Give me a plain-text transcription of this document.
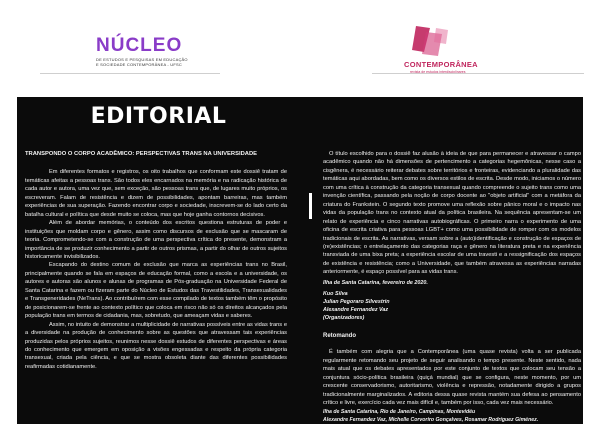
NÚCLEO
DE ESTUDOS E PESQUISAS EM EDUCAÇÃO
E SOCIEDADE CONTEMPORÂNEA - UFSC	CONTEMPORÂNEA
revista de estudos interdisciplinares
EDITORIAL
TRANSPONDO O CORPO ACADÊMICO: PERSPECTIVAS TRANS NA UNIVERSIDADE

Em diferentes formatos e registros, os oito trabalhos que conformam este dossiê tratam de temáticas afeitas a pessoas trans. São todos eles encarnados na memória e na radicação histórica de cada autor e autora, uma vez que, sem exceção, são pessoas trans que, de lugares muito próprios, os escreveram. Falam de resistência e dizem de possibilidades, apontam barreiras, mas também experiências de sua superação. Fazendo encontrar corpo e sociedade, inscrevem-se do lado certo da batalha cultural e política que desde muito se coloca, mas que hoje ganha contornos decisivos.

Além de abordar memórias, o conteúdo dos escritos questiona estruturas de poder e instituições que moldam corpo e gênero, assim como discursos de exclusão que se mascaram de teoria. Comprometendo-se com a construção de uma perspectiva crítica do presente, demonstram a importância de se produzir conhecimento a partir de outros prismas, a partir do olhar de outros sujeitos historicamente invisibilizados.

Escapando do destino comum de exclusão que marca as experiências trans no Brasil, principalmente quando se fala em espaços de educação formal, como a escola e a universidade, os autores e autoras são alunos e alunas de programas de Pós-graduação na Universidade Federal de Santa Catarina e fazem ou fizeram parte do Núcleo de Estudos das Travestilidades, Transexualidades e Transgeneridades (NeTrans). Ao contribuírem com esse compilado de textos também têm o propósito de posicionarem-se frente ao contexto político que coloca em risco não só os direitos alcançados pela população trans em termos de cidadania, mas, sobretudo, que ameaçam vidas e saberes.

Assim, no intuito de demonstrar a multiplicidade de narrativas possíveis entre as vidas trans e a diversidade na produção de conhecimento sobre as questões que atravessam tais experiências produzidas pelos próprios sujeitos, reunimos nesse dossiê estudos de diferentes perspectivas e áreas do conhecimento que emergem em oposição a visões engessadas e respeito da própria categoria transexual, criada pela ciência, e que se mostra obsoleta diante das diferentes possibilidades reafirmadas cotidianamente.

O título escolhido para o dossiê faz alusão à ideia de que para permanecer e atravessar o campo acadêmico quando não há dimensões de pertencimento a categorias hegemônicas, nesse caso a cisgênera, é necessário reiterar debates sobre territórios e fronteiras, evidenciando a pluralidade das temáticas aqui abordadas, bem como os diversos estilos de escrita. Desde modo, iniciamos o número com uma crítica à construção da categoria transexual quando compreende o sujeito trans como uma invenção científica, passando pela noção de corpo docente ao "objeto artificial" com a metáfora da criatura do Frankstein. O segundo texto promove uma reflexão sobre pânico moral e o impacto nas vidas da população trans no contexto atual da política brasileira. Na sequência apresentam-se um relato de experiência e cinco narrativas autobiográficas. O primeiro narra o experimento de uma oficina de escrita criativa para pessoas LGBT+ como uma possibilidade de romper com os modelos tradicionais de escrita. As narrativas, versam sobre a (auto)identificação e construção de espaços de (re)existências; o entrelaçamento das categorias raça e gênero na literatura preta e na experiência transviada de uma bixa preta; a experiência escolar de uma travesti e a ressignificação dos espaços de existência e resistência; como a Universidade, que também atravessa as experiências narradas anteriormente, é espaço possível para as vidas trans.

Ilha de Santa Catarina, fevereiro de 2020.

Kuo Silva

Julian Pegoraro Silvestrin

Alexandre Fernandez Vaz

(Organizadores)

Retomando

É também com alegria que a Contemporânea (uma quase revista) volta a ser publicada regularmente retomando seu projeto de seguir analisando o tempo presente. Neste sentido, nada mais atual que os debates apresentados por este conjunto de textos que colocam seu tensão a conjuntura sócio-política brasileira (quiçá mundial) que se configura, neste momento, por um crescente conservadorismo, autoritarismo, violência e repressão, notadamente dirigido a grupos tradicionalmente marginalizados. A editoria dessa quase revista mantém sua defesa ao pensamento crítico e livre, exercício cada vez mais difícil e, também por isso, cada vez mais necessário.

Ilha de Santa Catarina, Rio de Janeiro, Campinas, Montevidéu

Alexandre Fernandez Vaz, Michelle Corvoriro Gonçalves, Rosamar Rodríguez Giménez.
